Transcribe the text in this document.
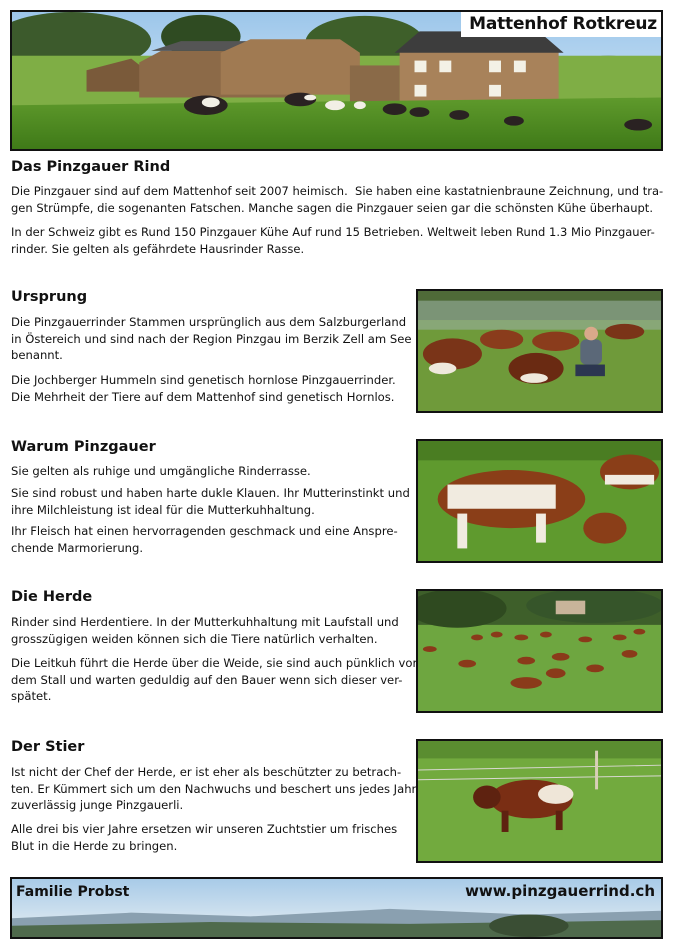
Mattenhof Rotkreuz
Das Pinzgauer Rind

Die Pinzgauer sind auf dem Mattenhof seit 2007 heimisch.  Sie haben eine kastatnienbraune Zeichnung, und tra-
gen Strümpfe, die sogenanten Fatschen. Manche sagen die Pinzgauer seien gar die schönsten Kühe überhaupt.

In der Schweiz gibt es Rund 150 Pinzgauer Kühe Auf rund 15 Betrieben. Weltweit leben Rund 1.3 Mio Pinzgauer-
rinder. Sie gelten als gefährdete Hausrinder Rasse.

Ursprung

Die Pinzgauerrinder Stammen ursprünglich aus dem Salzburgerland
in Östereich und sind nach der Region Pinzgau im Berzik Zell am See
benannt.

Die Jochberger Hummeln sind genetisch hornlose Pinzgauerrinder.
Die Mehrheit der Tiere auf dem Mattenhof sind genetisch Hornlos.

Warum Pinzgauer

Sie gelten als ruhige und umgängliche Rinderrasse.

Sie sind robust und haben harte dukle Klauen. Ihr Mutterinstinkt und
ihre Milchleistung ist ideal für die Mutterkuhhaltung.

Ihr Fleisch hat einen hervorragenden geschmack und eine Anspre-
chende Marmorierung.

Die Herde

Rinder sind Herdentiere. In der Mutterkuhhaltung mit Laufstall und
grosszügigen weiden können sich die Tiere natürlich verhalten.

Die Leitkuh führt die Herde über die Weide, sie sind auch pünklich vor
dem Stall und warten geduldig auf den Bauer wenn sich dieser ver-
spätet.

Der Stier

Ist nicht der Chef der Herde, er ist eher als beschützter zu betrach-
ten. Er Kümmert sich um den Nachwuchs und beschert uns jedes Jahr
zuverlässig junge Pinzgauerli.

Alle drei bis vier Jahre ersetzen wir unseren Zuchtstier um frisches
Blut in die Herde zu bringen.

Familie Probst	www.pinzgauerrind.ch
